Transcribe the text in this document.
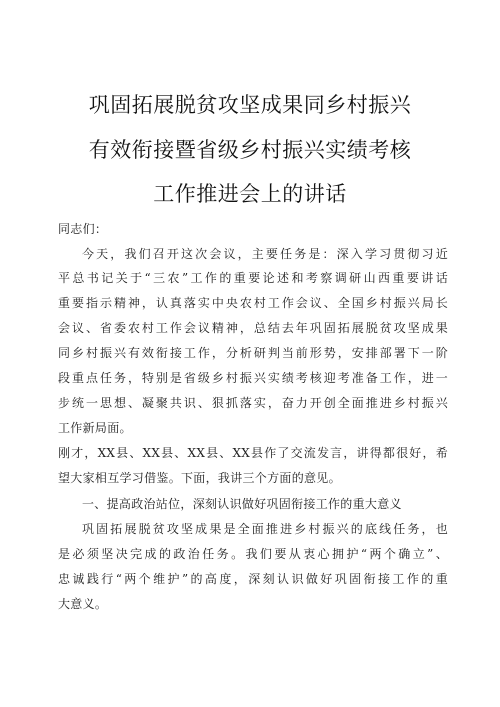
巩固拓展脱贫攻坚成果同乡村振兴
有效衔接暨省级乡村振兴实绩考核
工作推进会上的讲话
同志们：
今天，我们召开这次会议，主要任务是：深入学习贯彻习近
平总书记关于“三农”工作的重要论述和考察调研山西重要讲话
重要指示精神，认真落实中央农村工作会议、全国乡村振兴局长
会议、省委农村工作会议精神，总结去年巩固拓展脱贫攻坚成果
同乡村振兴有效衔接工作，分析研判当前形势，安排部署下一阶
段重点任务，特别是省级乡村振兴实绩考核迎考准备工作，进一
步统一思想、凝聚共识、狠抓落实，奋力开创全面推进乡村振兴
工作新局面。
刚才，XX县、XX县、XX县、XX县作了交流发言，讲得都很好，希
望大家相互学习借鉴。下面，我讲三个方面的意见。
一、提高政治站位，深刻认识做好巩固衔接工作的重大意义
巩固拓展脱贫攻坚成果是全面推进乡村振兴的底线任务，也
是必须坚决完成的政治任务。我们要从衷心拥护“两个确立”、
忠诚践行“两个维护”的高度，深刻认识做好巩固衔接工作的重
大意义。
